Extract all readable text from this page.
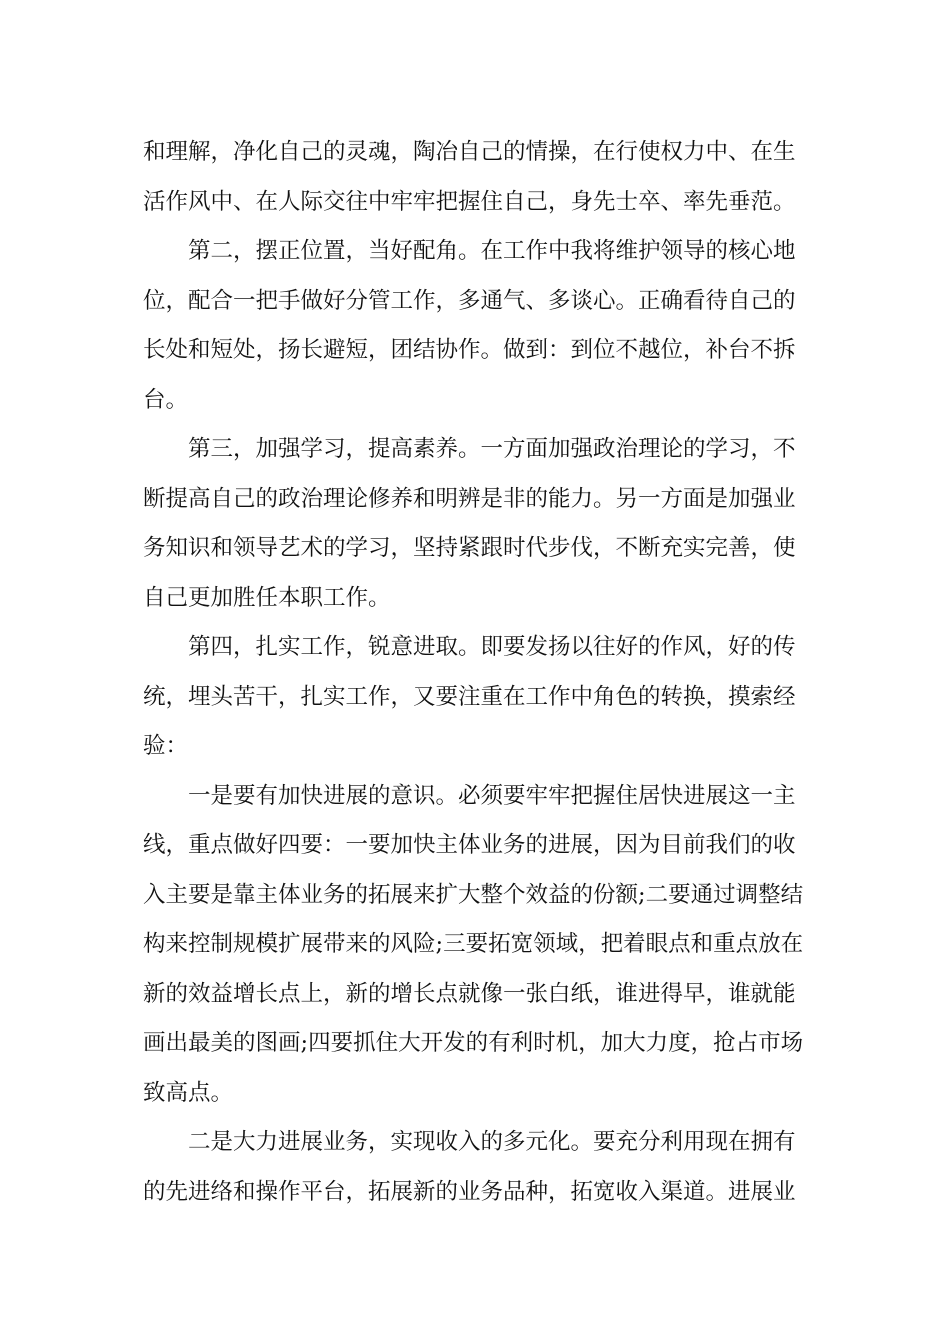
和理解，净化自己的灵魂，陶冶自己的情操，在行使权力中、在生
活作风中、在人际交往中牢牢把握住自己，身先士卒、率先垂范。
第二，摆正位置，当好配角。在工作中我将维护领导的核心地
位，配合一把手做好分管工作，多通气、多谈心。正确看待自己的
长处和短处，扬长避短，团结协作。做到：到位不越位，补台不拆
台。
第三，加强学习，提高素养。一方面加强政治理论的学习，不
断提高自己的政治理论修养和明辨是非的能力。另一方面是加强业
务知识和领导艺术的学习，坚持紧跟时代步伐，不断充实完善，使
自己更加胜任本职工作。
第四，扎实工作，锐意进取。即要发扬以往好的作风，好的传
统，埋头苦干，扎实工作，又要注重在工作中角色的转换，摸索经
验：
一是要有加快进展的意识。必须要牢牢把握住居快进展这一主
线，重点做好四要：一要加快主体业务的进展，因为目前我们的收
入主要是靠主体业务的拓展来扩大整个效益的份额;二要通过调整结
构来控制规模扩展带来的风险;三要拓宽领域，把着眼点和重点放在
新的效益增长点上，新的增长点就像一张白纸，谁进得早，谁就能
画出最美的图画;四要抓住大开发的有利时机，加大力度，抢占市场
致高点。
二是大力进展业务，实现收入的多元化。要充分利用现在拥有
的先进络和操作平台，拓展新的业务品种，拓宽收入渠道。进展业
